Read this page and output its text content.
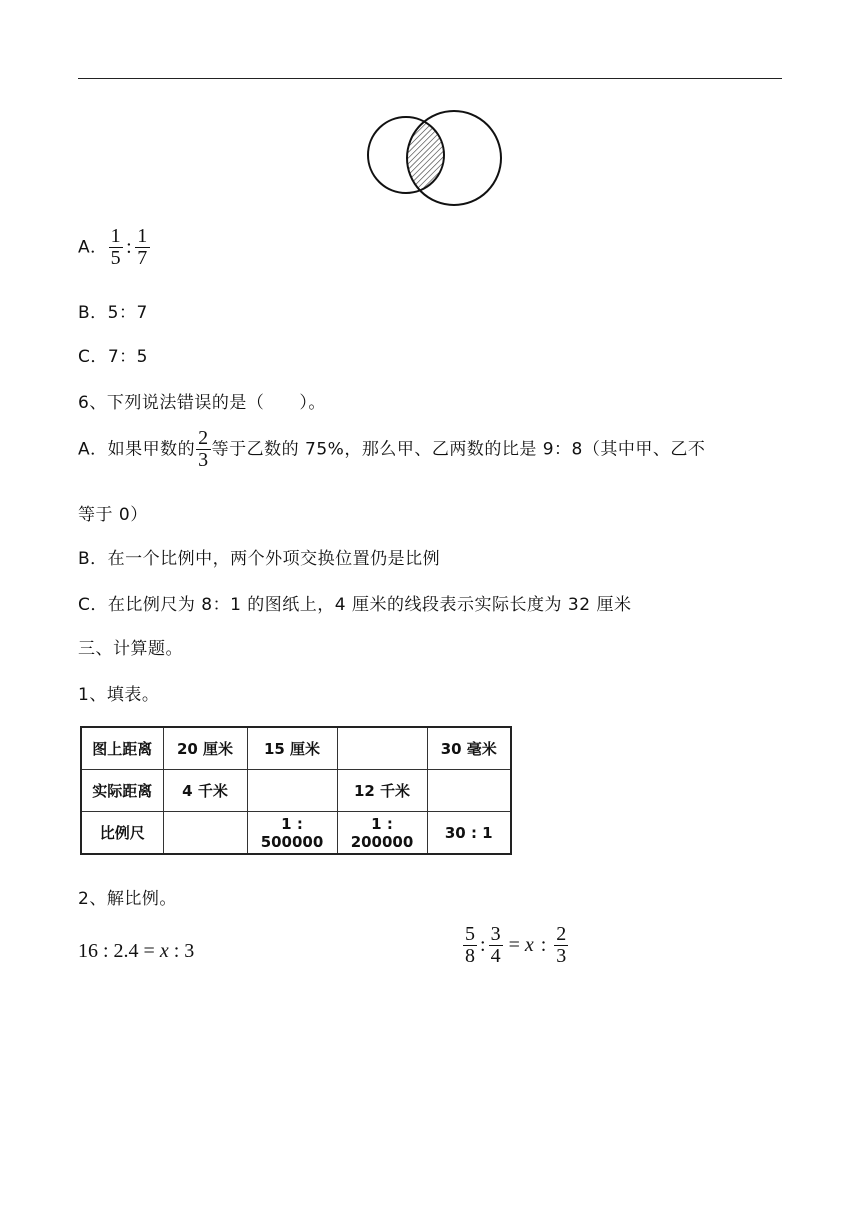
A． $\frac{1}{5}$ : $\frac{1}{7}$
B．5：7
C．7：5
6、下列说法错误的是（　　）。
A．如果甲数的 $\frac{2}{3}$ 等于乙数的 75%，那么甲、乙两数的比是 9：8（其中甲、乙不
等于 0）
B．在一个比例中，两个外项交换位置仍是比例
C．在比例尺为 8：1 的图纸上，4 厘米的线段表示实际长度为 32 厘米
三、计算题。
1、填表。
图上距离	20 厘米	15 厘米		30 毫米
实际距离	4 千米		12 千米	
比例尺		1 : 500000	1 : 200000	30 : 1
2、解比例。
16 : 2.4 = x : 3	$\frac{5}{8}$ : $\frac{3}{4} = x$ : $\frac{2}{3}$
